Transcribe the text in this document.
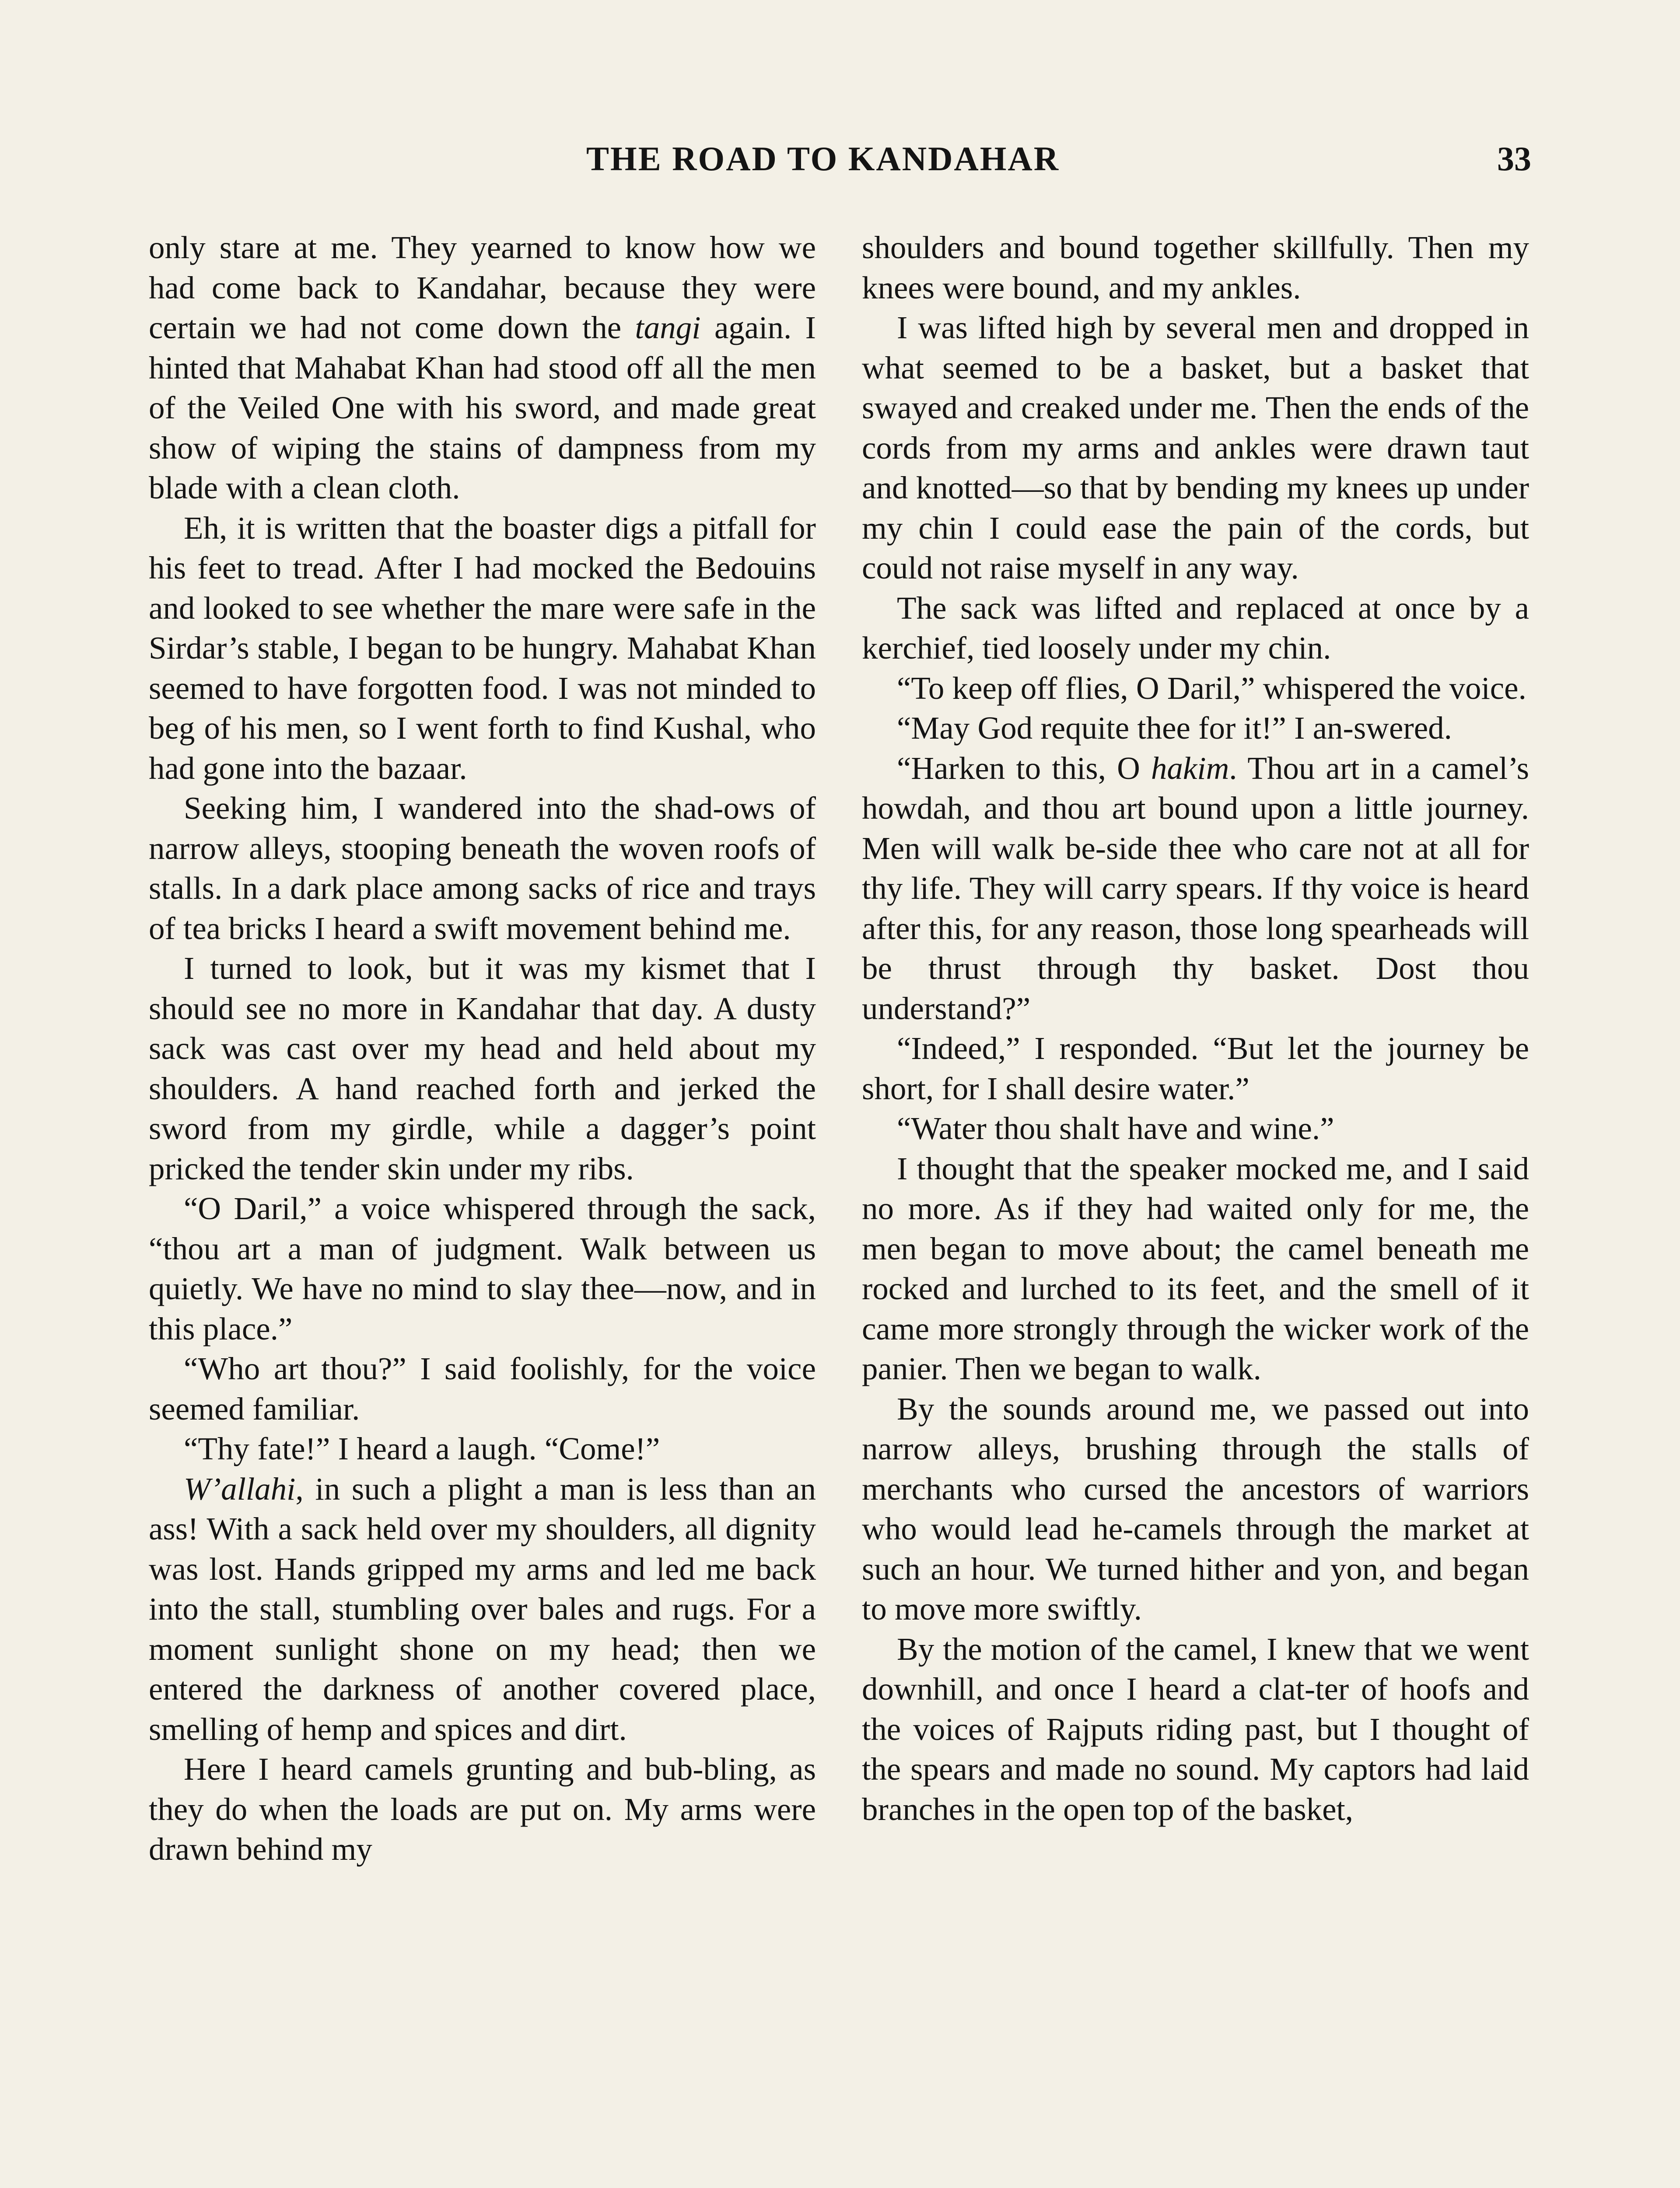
THE ROAD TO KANDAHAR	33

only stare at me. They yearned to know how we had come back to Kandahar, because they were certain we had not come down the tangi again. I hinted that Mahabat Khan had stood off all the men of the Veiled One with his sword, and made great show of wiping the stains of dampness from my blade with a clean cloth.

Eh, it is written that the boaster digs a pitfall for his feet to tread. After I had mocked the Bedouins and looked to see whether the mare were safe in the Sirdar’s stable, I began to be hungry. Mahabat Khan seemed to have forgotten food. I was not minded to beg of his men, so I went forth to find Kushal, who had gone into the bazaar.

Seeking him, I wandered into the shad-ows of narrow alleys, stooping beneath the woven roofs of stalls. In a dark place among sacks of rice and trays of tea bricks I heard a swift movement behind me.

I turned to look, but it was my kismet that I should see no more in Kandahar that day. A dusty sack was cast over my head and held about my shoulders. A hand reached forth and jerked the sword from my girdle, while a dagger’s point pricked the tender skin under my ribs.

“O Daril,” a voice whispered through the sack, “thou art a man of judgment. Walk between us quietly. We have no mind to slay thee—now, and in this place.”

“Who art thou?” I said foolishly, for the voice seemed familiar.

“Thy fate!” I heard a laugh. “Come!”

W’allahi, in such a plight a man is less than an ass! With a sack held over my shoulders, all dignity was lost. Hands gripped my arms and led me back into the stall, stumbling over bales and rugs. For a moment sunlight shone on my head; then we entered the darkness of another covered place, smelling of hemp and spices and dirt.

Here I heard camels grunting and bub-bling, as they do when the loads are put on. My arms were drawn behind my

shoulders and bound together skillfully. Then my knees were bound, and my ankles.

I was lifted high by several men and dropped in what seemed to be a basket, but a basket that swayed and creaked under me. Then the ends of the cords from my arms and ankles were drawn taut and knotted—so that by bending my knees up under my chin I could ease the pain of the cords, but could not raise myself in any way.

The sack was lifted and replaced at once by a kerchief, tied loosely under my chin.

“To keep off flies, O Daril,” whispered the voice.

“May God requite thee for it!” I an-swered.

“Harken to this, O hakim. Thou art in a camel’s howdah, and thou art bound upon a little journey. Men will walk be-side thee who care not at all for thy life. They will carry spears. If thy voice is heard after this, for any reason, those long spearheads will be thrust through thy basket. Dost thou understand?”

“Indeed,” I responded. “But let the journey be short, for I shall desire water.”

“Water thou shalt have and wine.”

I thought that the speaker mocked me, and I said no more. As if they had waited only for me, the men began to move about; the camel beneath me rocked and lurched to its feet, and the smell of it came more strongly through the wicker work of the panier. Then we began to walk.

By the sounds around me, we passed out into narrow alleys, brushing through the stalls of merchants who cursed the ancestors of warriors who would lead he-camels through the market at such an hour. We turned hither and yon, and began to move more swiftly.

By the motion of the camel, I knew that we went downhill, and once I heard a clat-ter of hoofs and the voices of Rajputs riding past, but I thought of the spears and made no sound. My captors had laid branches in the open top of the basket,
